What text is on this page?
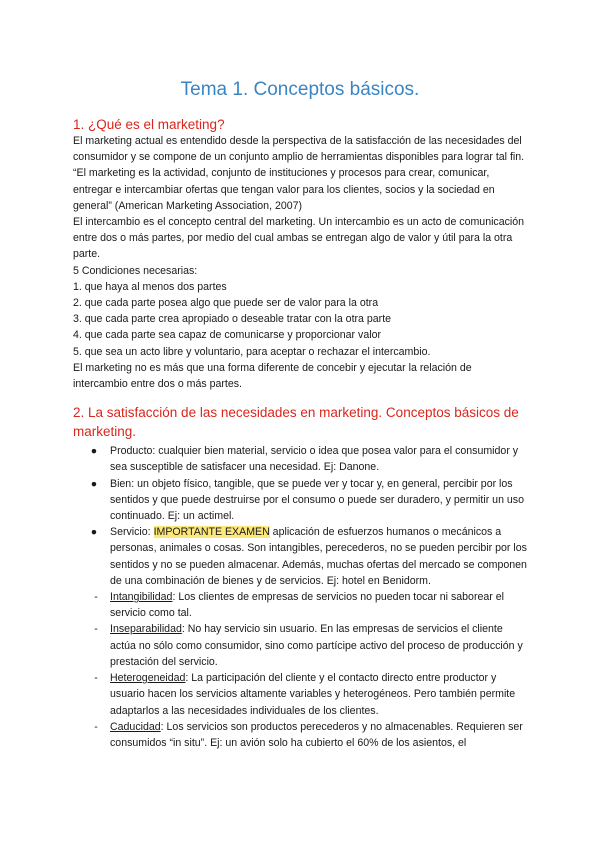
Tema 1. Conceptos básicos.
1. ¿Qué es el marketing?

El marketing actual es entendido desde la perspectiva de la satisfacción de las necesidades del consumidor y se compone de un conjunto amplio de herramientas disponibles para lograr tal fin.

“El marketing es la actividad, conjunto de instituciones y procesos para crear, comunicar, entregar e intercambiar ofertas que tengan valor para los clientes, socios y la sociedad en general” (American Marketing Association, 2007)

El intercambio es el concepto central del marketing. Un intercambio es un acto de comunicación entre dos o más partes, por medio del cual ambas se entregan algo de valor y útil para la otra parte.

5 Condiciones necesarias:

1. que haya al menos dos partes

2. que cada parte posea algo que puede ser de valor para la otra

3. que cada parte crea apropiado o deseable tratar con la otra parte

4. que cada parte sea capaz de comunicarse y proporcionar valor

5. que sea un acto libre y voluntario, para aceptar o rechazar el intercambio.

El marketing no es más que una forma diferente de concebir y ejecutar la relación de intercambio entre dos o más partes.

2. La satisfacción de las necesidades en marketing. Conceptos básicos de marketing.
● Producto: cualquier bien material, servicio o idea que posea valor para el consumidor y sea susceptible de satisfacer una necesidad. Ej: Danone.
● Bien: un objeto físico, tangible, que se puede ver y tocar y, en general, percibir por los sentidos y que puede destruirse por el consumo o puede ser duradero, y permitir un uso continuado. Ej: un actimel.
● Servicio: IMPORTANTE EXAMEN aplicación de esfuerzos humanos o mecánicos a personas, animales o cosas. Son intangibles, perecederos, no se pueden percibir por los sentidos y no se pueden almacenar. Además, muchas ofertas del mercado se componen de una combinación de bienes y de servicios. Ej: hotel en Benidorm.
-	Intangibilidad: Los clientes de empresas de servicios no pueden tocar ni saborear el servicio como tal.
-	Inseparabilidad: No hay servicio sin usuario. En las empresas de servicios el cliente actúa no sólo como consumidor, sino como partícipe activo del proceso de producción y prestación del servicio.
-	Heterogeneidad: La participación del cliente y el contacto directo entre productor y usuario hacen los servicios altamente variables y heterogéneos. Pero también permite adaptarlos a las necesidades individuales de los clientes.
-	Caducidad: Los servicios son productos perecederos y no almacenables. Requieren ser consumidos “in situ”. Ej: un avión solo ha cubierto el 60% de los asientos, el
